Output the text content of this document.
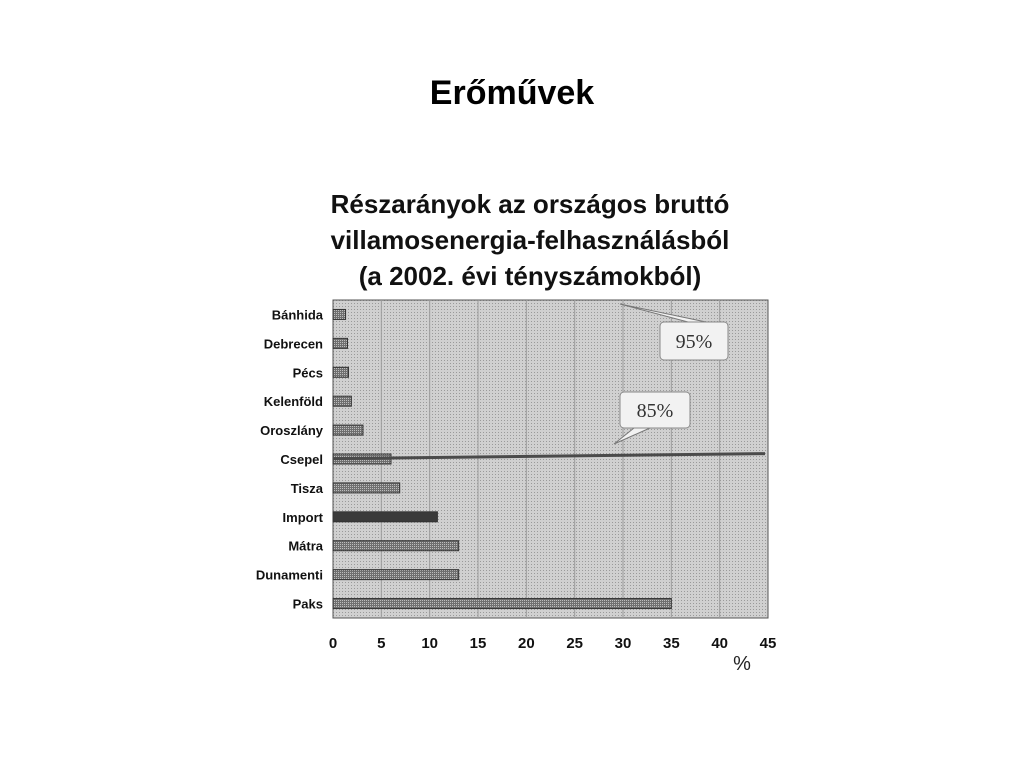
Erőművek
Részarányok az országos bruttó
villamosenergia-felhasználásból
(a 2002. évi tényszámokból)
Bánhida
Debrecen
Pécs
Kelenföld
Oroszlány
Csepel
Tisza
Import
Mátra
Dunamenti
Paks
0	5 10 15 20 25 30 35 40 45
95%
85%
%
